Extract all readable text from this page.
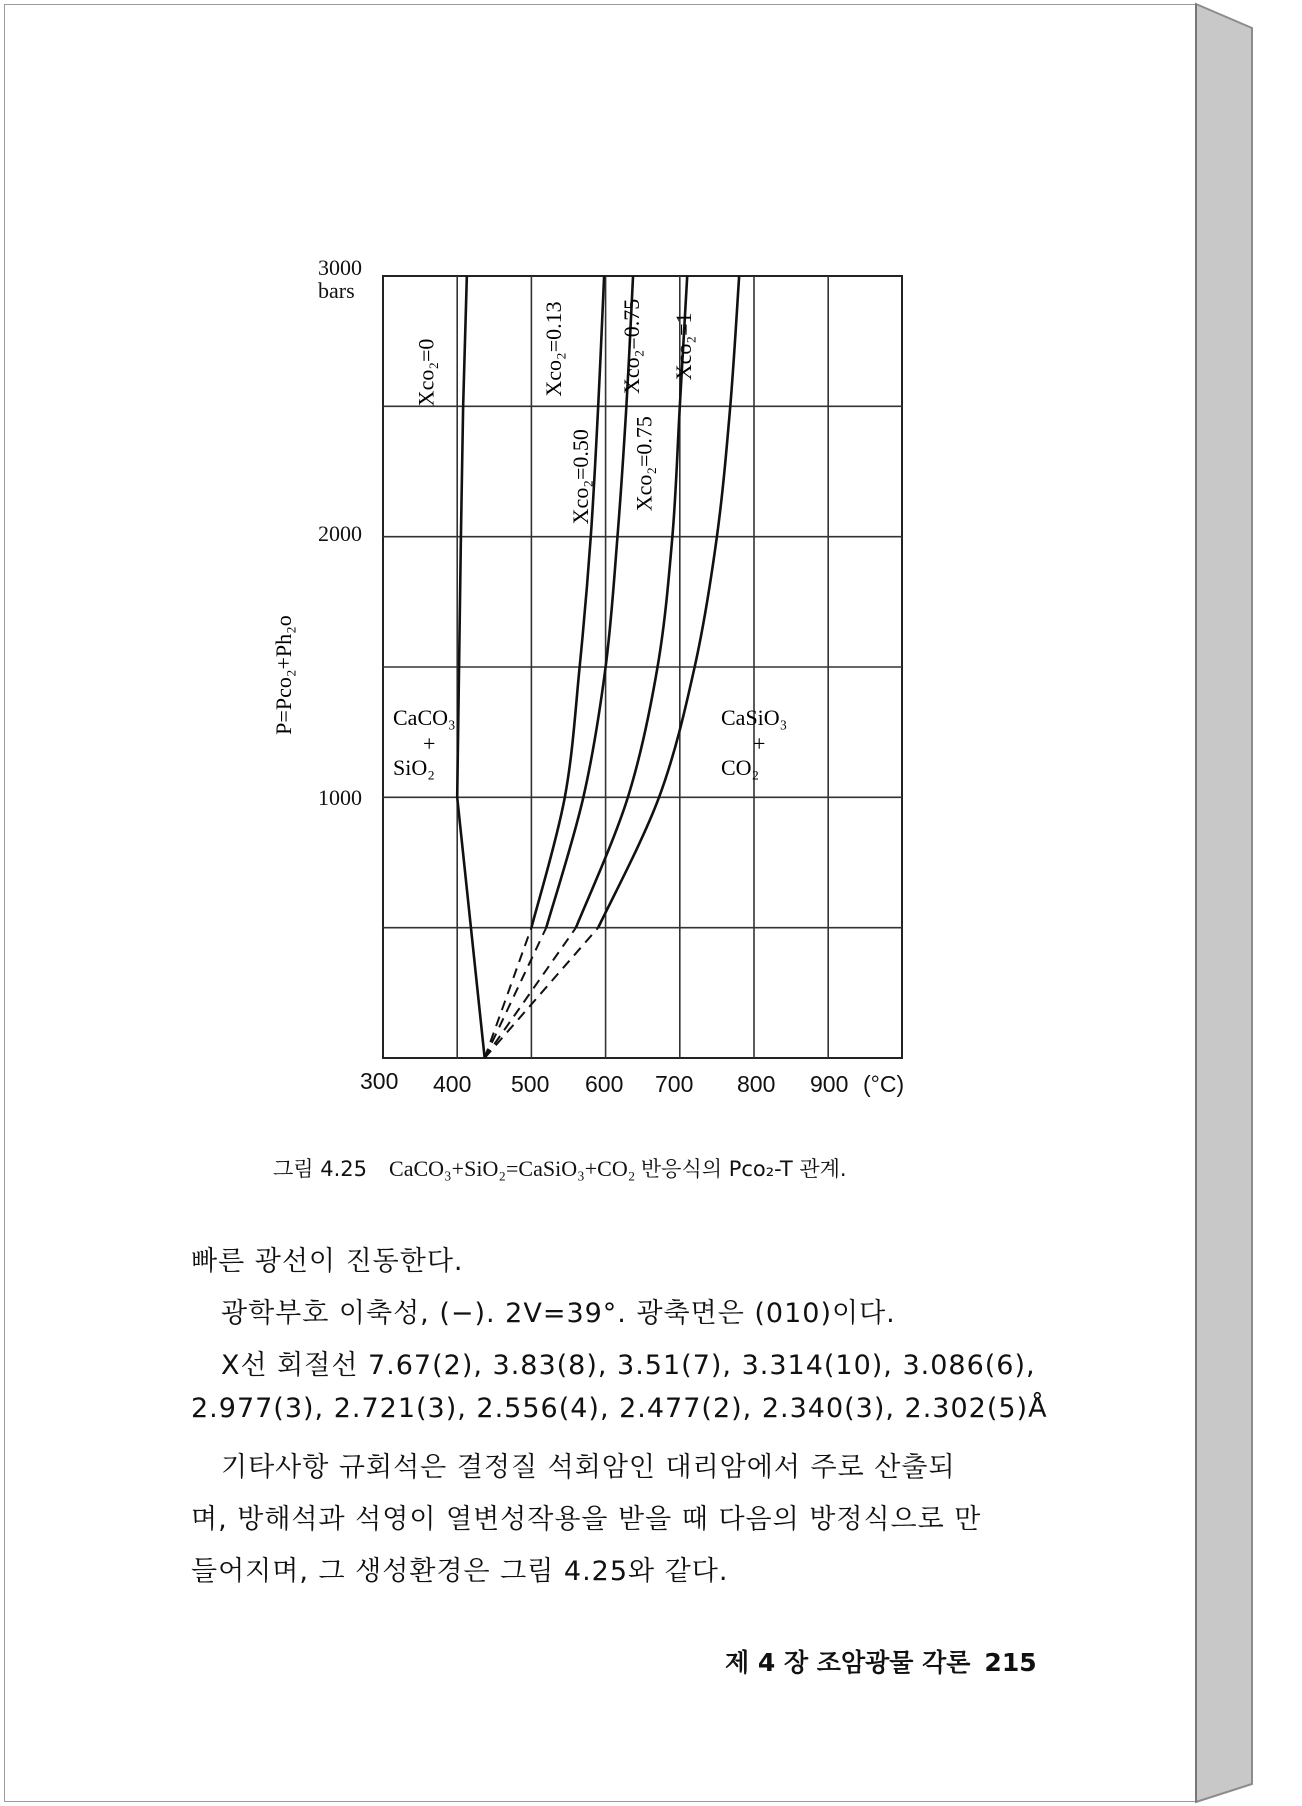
Xco₂=0	Xco₂=0.13 Xco₂=0.75 Xco₂=1
Xco₂=0.50 Xco₂=0.75
P=Pco₂+Ph₂o	CaCO₃
+
SiO₂
CaSiO₃
+
CO₂
3000
bars
2000
1000
300 400 500 600 700 800 900 (°C)
그림 4.25 CaCO₃+SiO₂=CaSiO₃+CO₂ 반응식의 Pco₂-T 관계.
빠른 광선이 진동한다.
광학부호 이축성, (−). 2V=39°. 광축면은 (010)이다.
X선 회절선 7.67(2), 3.83(8), 3.51(7), 3.314(10), 3.086(6),
2.977(3), 2.721(3), 2.556(4), 2.477(2), 2.340(3), 2.302(5)Å
기타사항 규회석은 결정질 석회암인 대리암에서 주로 산출되
며, 방해석과 석영이 열변성작용을 받을 때 다음의 방정식으로 만
들어지며, 그 생성환경은 그림 4.25와 같다.
제 4 장 조암광물 각론 215
